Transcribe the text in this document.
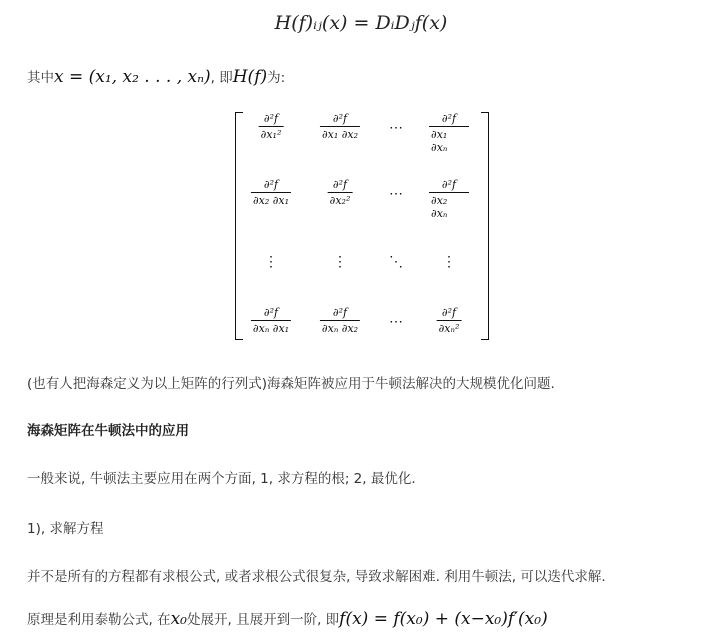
H(f)ᵢⱼ(x) = DᵢDⱼf(x)
其中x = (x₁, x₂ . . . , xₙ), 即H(f)为:
$\frac{\text{∂²f}}{\text{∂x₁²}}$	$\frac{\text{∂²f}}{\text{∂x₁ ∂x₂}}$ ⋯ $\frac{\text{∂²f}}{\text{∂x₁ ∂xₙ}}$
$\frac{\text{∂²f}}{\text{∂x₂ ∂x₁}}$	$\frac{\text{∂²f}}{\text{∂x₂²}}$	⋯ $\frac{\text{∂²f}}{\text{∂x₂ ∂xₙ}}$
⋮	⋮	⋱	⋮
$\frac{\text{∂²f}}{\text{∂xₙ ∂x₁}}$	$\frac{\text{∂²f}}{\text{∂xₙ ∂x₂}}$ ⋯	$\frac{\text{∂²f}}{\text{∂xₙ²}}$
(也有人把海森定义为以上矩阵的行列式)海森矩阵被应用于牛顿法解决的大规模优化问题.
海森矩阵在牛顿法中的应用
一般来说, 牛顿法主要应用在两个方面, 1, 求方程的根; 2, 最优化.
1), 求解方程
并不是所有的方程都有求根公式, 或者求根公式很复杂, 导致求解困难. 利用牛顿法, 可以迭代求解.
原理是利用泰勒公式, 在x₀处展开, 且展开到一阶, 即f(x) = f(x₀) + (x−x₀)f′(x₀)
